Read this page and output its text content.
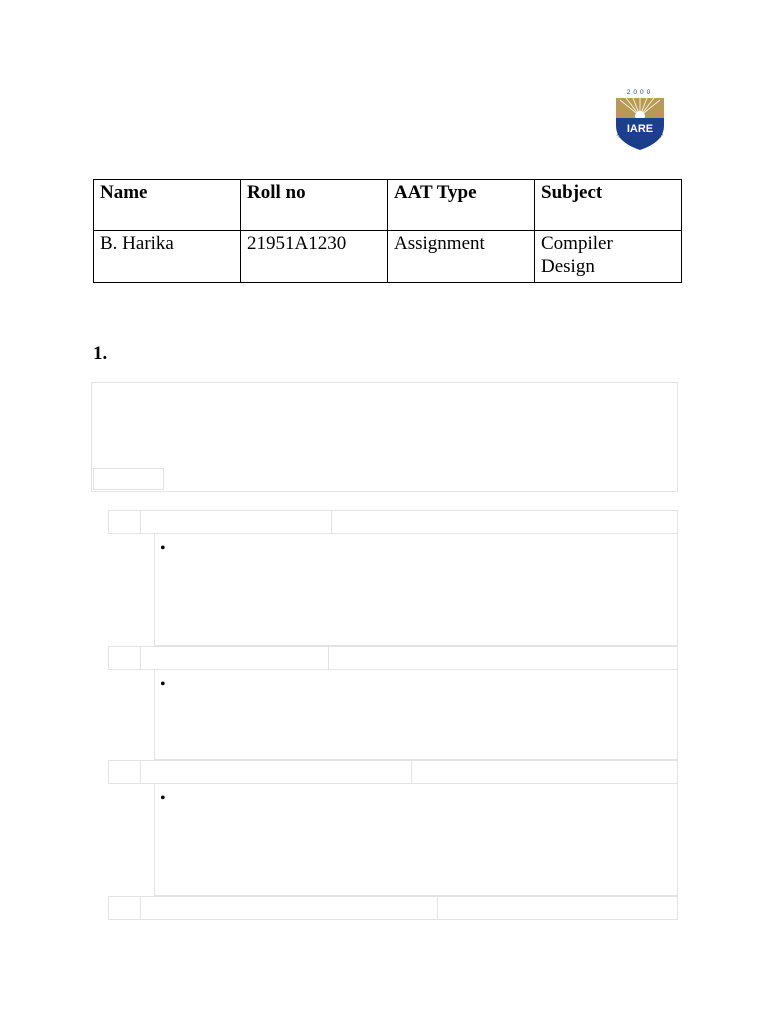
2000
IARE
EDUCATION FOR LIBERATION
Name	Roll no	AAT Type	Subject
B. Harika	21951A1230	Assignment	Compiler
Design
1.
•
•
•
